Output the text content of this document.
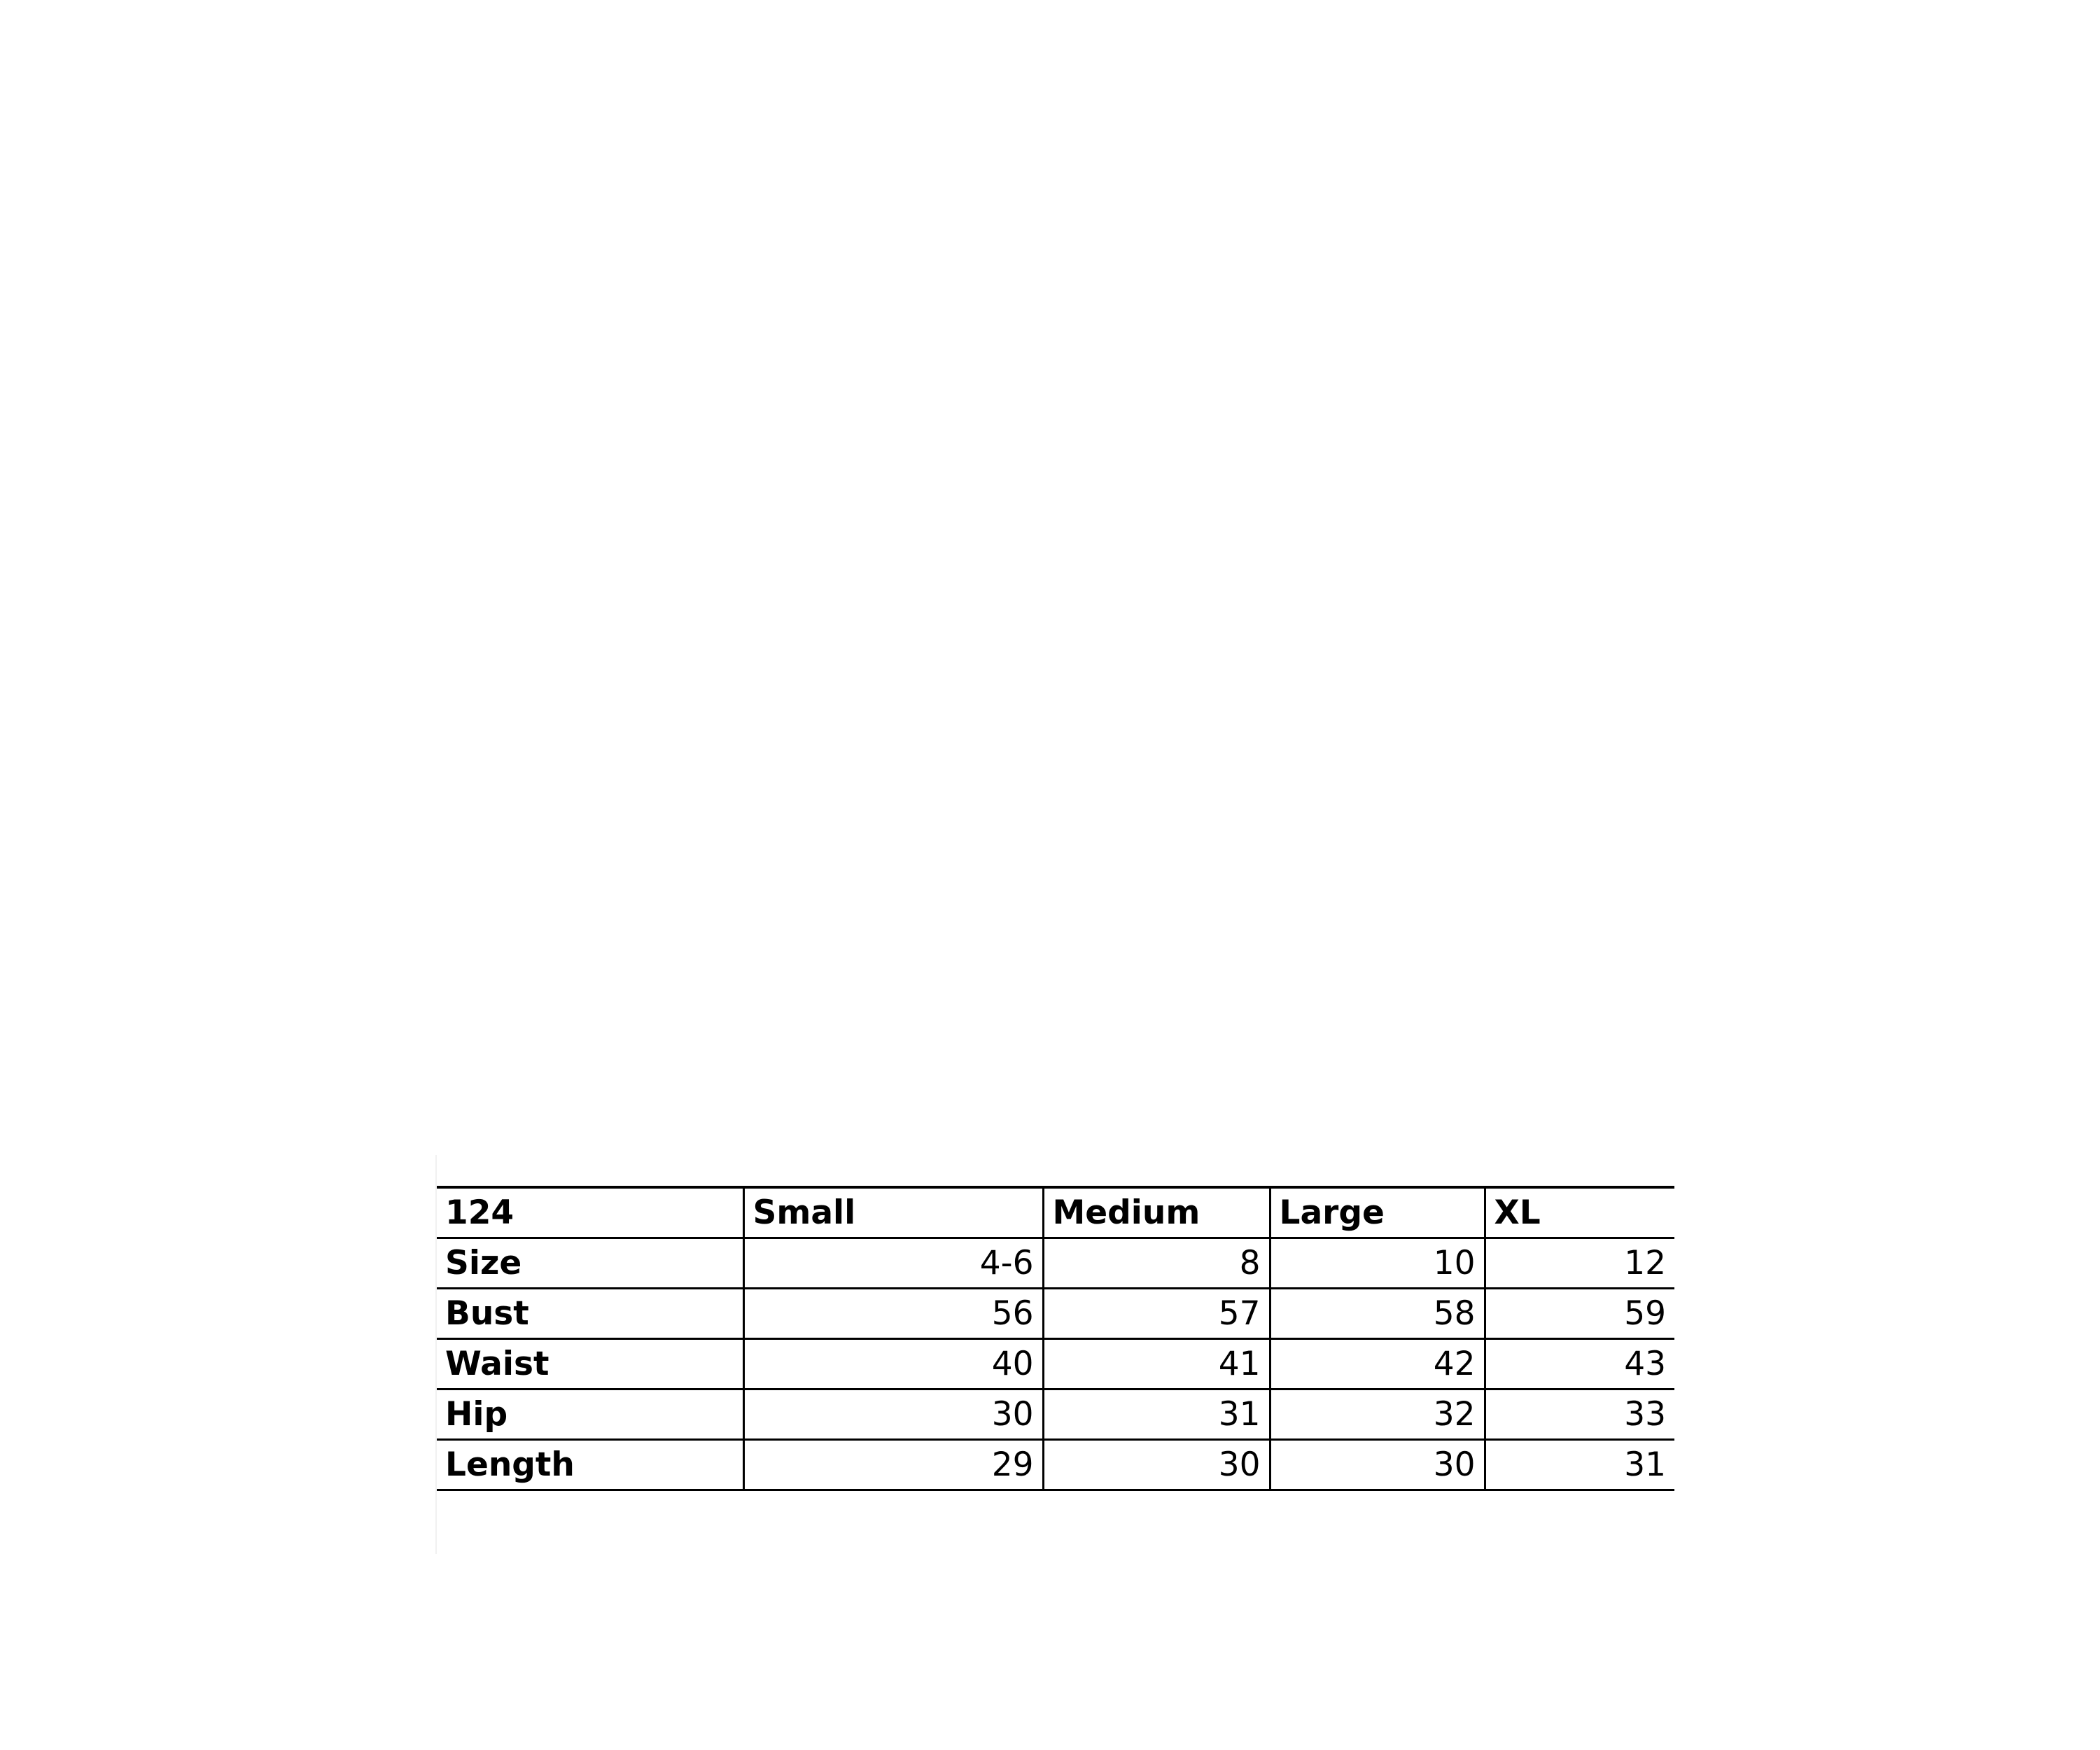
124	Small	Medium	Large	XL
Size	4-6	8	10	12
Bust	56	57	58	59
Waist	40	41	42	43
Hip	30	31	32	33
Length	29	30	30	31
